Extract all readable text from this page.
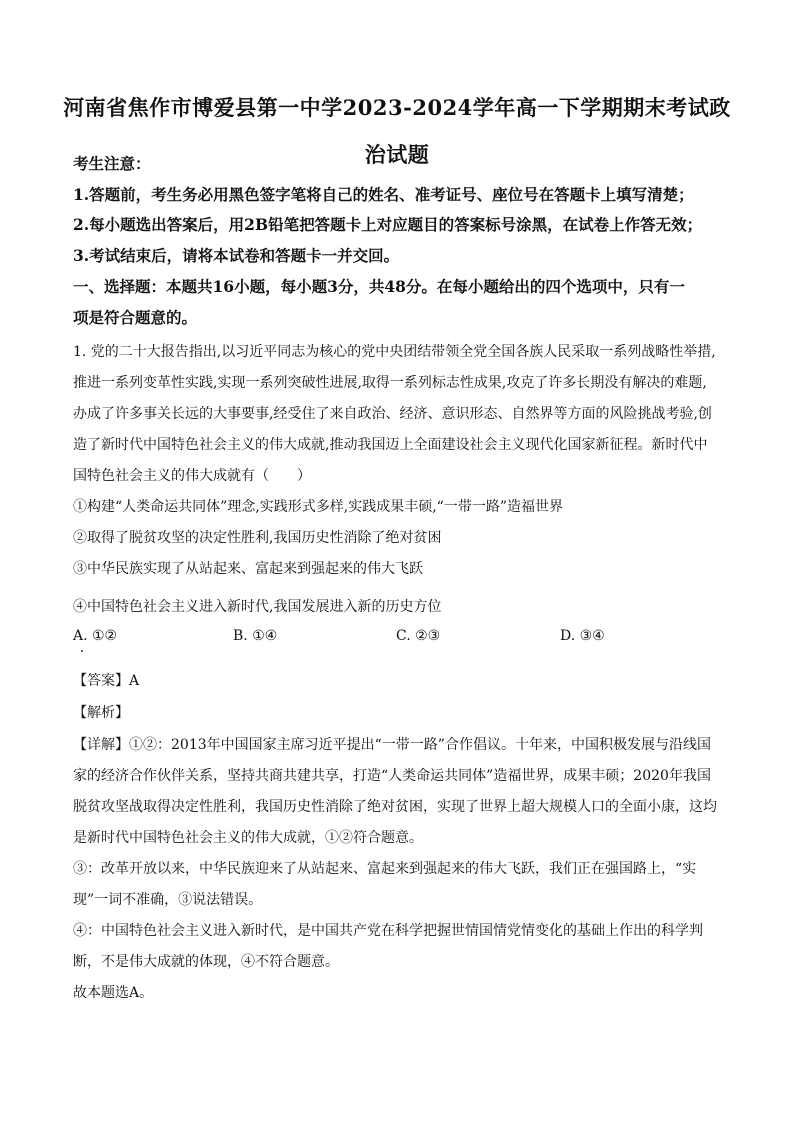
河南省焦作市博爱县第一中学2023-2024学年高一下学期期末考试政
治试题
考生注意：
1.答题前，考生务必用黑色签字笔将自己的姓名、准考证号、座位号在答题卡上填写清楚；
2.每小题选出答案后，用2B铅笔把答题卡上对应题目的答案标号涂黑，在试卷上作答无效；
3.考试结束后，请将本试卷和答题卡一并交回。
一、选择题：本题共16小题，每小题3分，共48分。在每小题给出的四个选项中，只有一
项是符合题意的。
1. 党的二十大报告指出,以习近平同志为核心的党中央团结带领全党全国各族人民采取一系列战略性举措,
推进一系列变革性实践,实现一系列突破性进展,取得一系列标志性成果,攻克了许多长期没有解决的难题,
办成了许多事关长远的大事要事,经受住了来自政治、经济、意识形态、自然界等方面的风险挑战考验,创
造了新时代中国特色社会主义的伟大成就,推动我国迈上全面建设社会主义现代化国家新征程。新时代中
国特色社会主义的伟大成就有（　　）
①构建“人类命运共同体”理念,实践形式多样,实践成果丰硕,“一带一路”造福世界
②取得了脱贫攻坚的决定性胜利,我国历史性消除了绝对贫困
③中华民族实现了从站起来、富起来到强起来的伟大飞跃
④中国特色社会主义进入新时代,我国发展进入新的历史方位
A. ①②	B. ①④	C. ②③	D. ③④
【答案】A
【解析】
【详解】①②：2013年中国国家主席习近平提出“一带一路”合作倡议。十年来，中国积极发展与沿线国
家的经济合作伙伴关系，坚持共商共建共享，打造“人类命运共同体”造福世界，成果丰硕；2020年我国
脱贫攻坚战取得决定性胜利，我国历史性消除了绝对贫困，实现了世界上超大规模人口的全面小康，这均
是新时代中国特色社会主义的伟大成就，①②符合题意。
③：改革开放以来，中华民族迎来了从站起来、富起来到强起来的伟大飞跃，我们正在强国路上，“实
现”一词不准确，③说法错误。
④：中国特色社会主义进入新时代，是中国共产党在科学把握世情国情党情变化的基础上作出的科学判
断，不是伟大成就的体现，④不符合题意。
故本题选A。
